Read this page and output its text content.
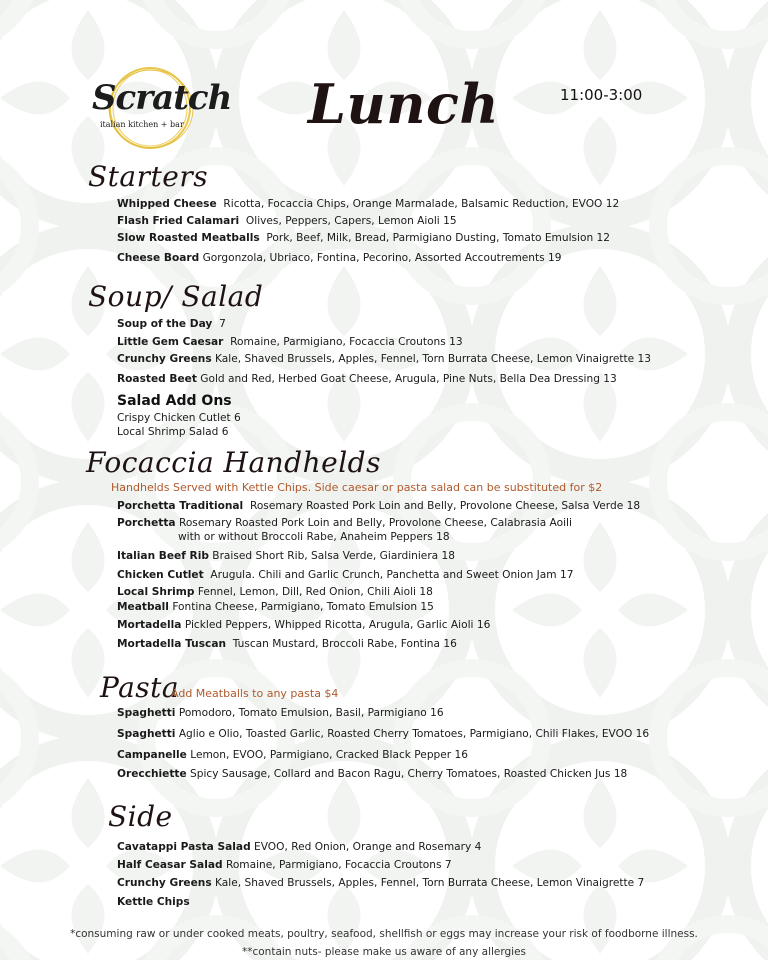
Scratch
italian kitchen + bar Lunch	11:00-3:00
Starters
Whipped Cheese Ricotta, Focaccia Chips, Orange Marmalade, Balsamic Reduction, EVOO 12
Flash Fried Calamari Olives, Peppers, Capers, Lemon Aioli 15
Slow Roasted Meatballs Pork, Beef, Milk, Bread, Parmigiano Dusting, Tomato Emulsion 12
Cheese Board Gorgonzola, Ubriaco, Fontina, Pecorino, Assorted Accoutrements 19
Soup/ Salad
Soup of the Day 7
Little Gem Caesar Romaine, Parmigiano, Focaccia Croutons 13
Crunchy Greens Kale, Shaved Brussels, Apples, Fennel, Torn Burrata Cheese, Lemon Vinaigrette 13
Roasted Beet Gold and Red, Herbed Goat Cheese, Arugula, Pine Nuts, Bella Dea Dressing 13
Salad Add Ons
Crispy Chicken Cutlet 6
Local Shrimp Salad 6
Focaccia Handhelds
Handhelds Served with Kettle Chips. Side caesar or pasta salad can be substituted for $2
Porchetta Traditional Rosemary Roasted Pork Loin and Belly, Provolone Cheese, Salsa Verde 18
Porchetta Rosemary Roasted Pork Loin and Belly, Provolone Cheese, Calabrasia Aoili
with or without Broccoli Rabe, Anaheim Peppers 18
Italian Beef Rib Braised Short Rib, Salsa Verde, Giardiniera 18
Chicken Cutlet Arugula. Chili and Garlic Crunch, Panchetta and Sweet Onion Jam 17
Local Shrimp Fennel, Lemon, Dill, Red Onion, Chili Aioli 18
Meatball Fontina Cheese, Parmigiano, Tomato Emulsion 15
Mortadella Pickled Peppers, Whipped Ricotta, Arugula, Garlic Aioli 16
Mortadella Tuscan Tuscan Mustard, Broccoli Rabe, Fontina 16
Pasta
Add Meatballs to any pasta $4
Spaghetti Pomodoro, Tomato Emulsion, Basil, Parmigiano 16
Spaghetti Aglio e Olio, Toasted Garlic, Roasted Cherry Tomatoes, Parmigiano, Chili Flakes, EVOO 16
Campanelle Lemon, EVOO, Parmigiano, Cracked Black Pepper 16
Orecchiette Spicy Sausage, Collard and Bacon Ragu, Cherry Tomatoes, Roasted Chicken Jus 18
Side
Cavatappi Pasta Salad EVOO, Red Onion, Orange and Rosemary 4
Half Ceasar Salad Romaine, Parmigiano, Focaccia Croutons 7
Crunchy Greens Kale, Shaved Brussels, Apples, Fennel, Torn Burrata Cheese, Lemon Vinaigrette 7
Kettle Chips
*consuming raw or under cooked meats, poultry, seafood, shellfish or eggs may increase your risk of foodborne illness.
**contain nuts- please make us aware of any allergies
